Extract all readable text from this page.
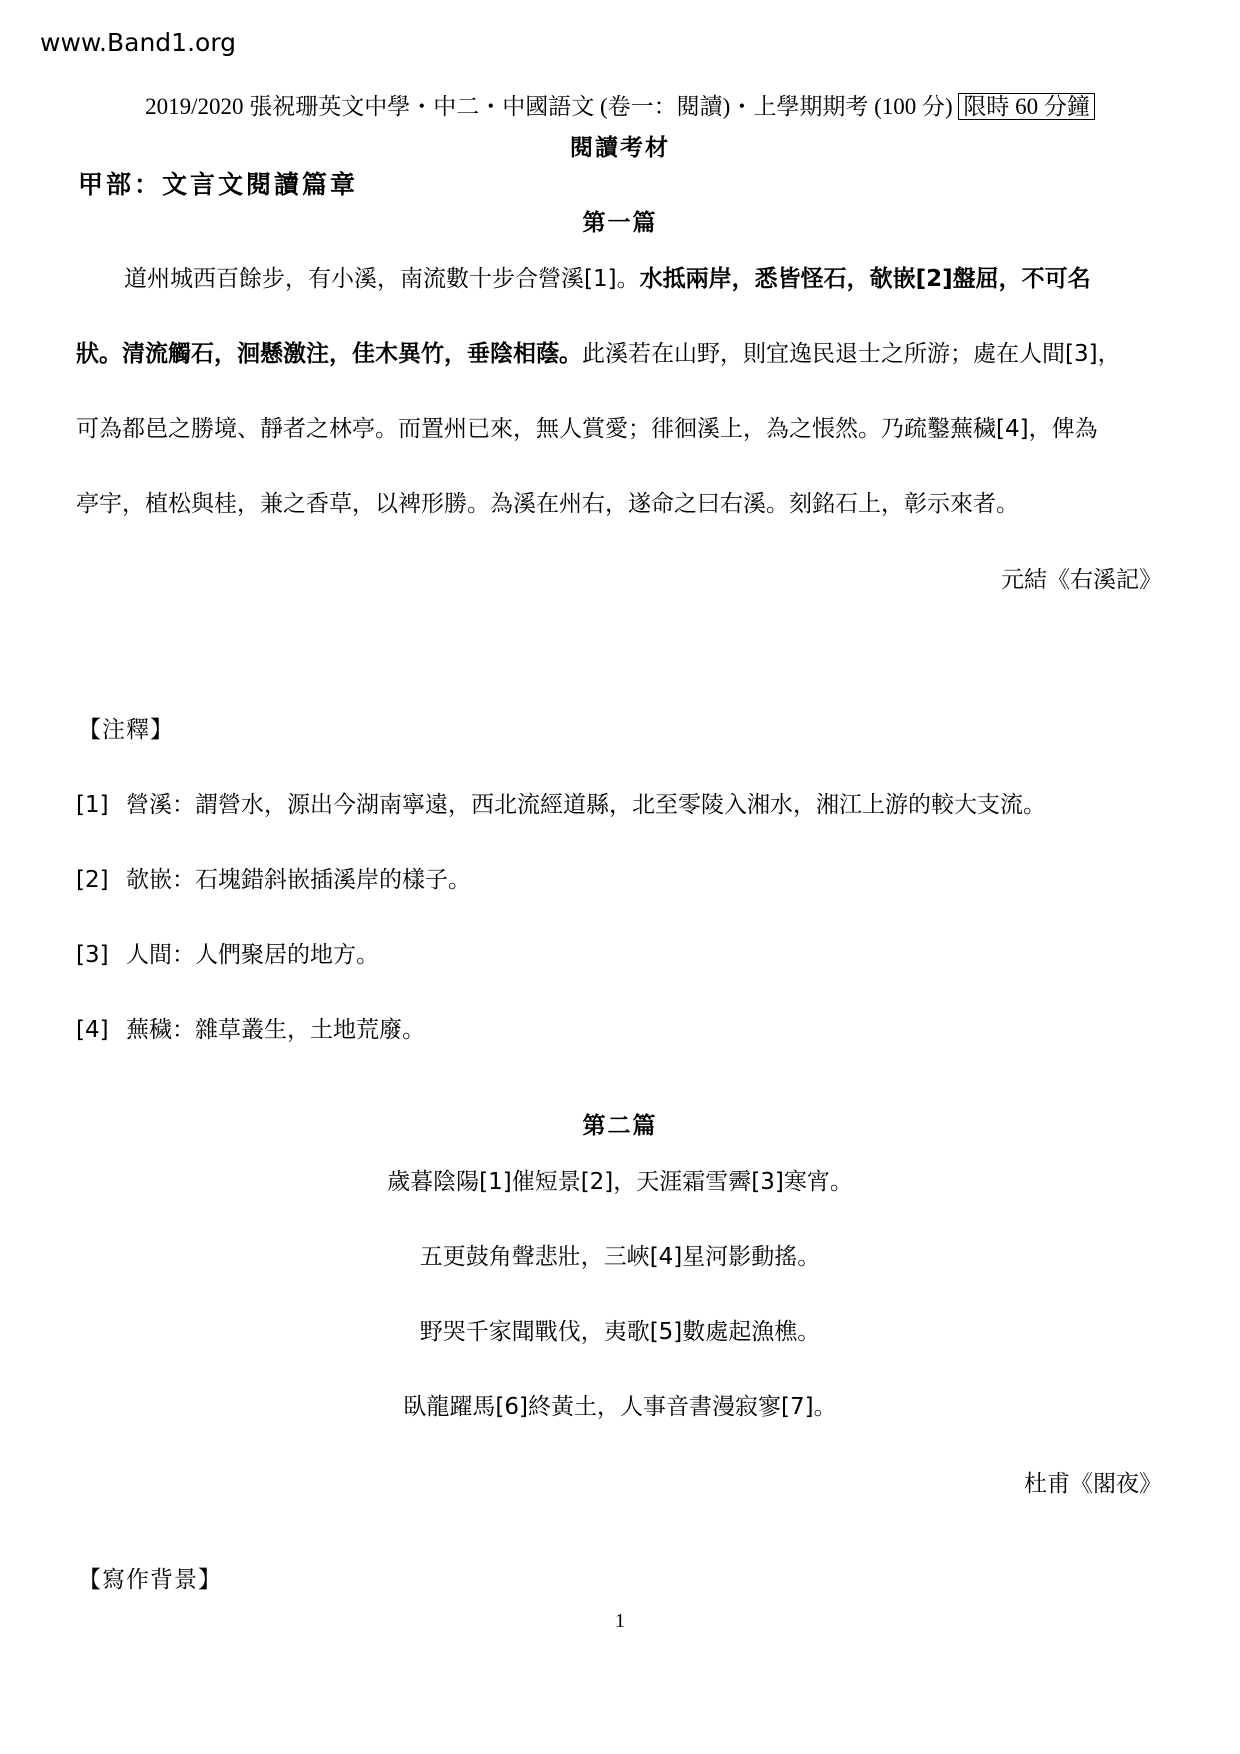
www.Band1.org
2019/2020 張祝珊英文中學・中二・中國語文 (卷一：閱讀)・上學期期考 (100 分) 限時 60 分鐘
閱讀考材
甲部：文言文閱讀篇章
第一篇
道州城西百餘步，有小溪，南流數十步合營溪[1]。水抵兩岸，悉皆怪石，欹嵌[2]盤屈，不可名
狀。清流觸石，洄懸激注，佳木異竹，垂陰相蔭。此溪若在山野，則宜逸民退士之所游；處在人間[3]，
可為都邑之勝境、靜者之林亭。而置州已來，無人賞愛；徘徊溪上，為之悵然。乃疏鑿蕪穢[4]，俾為
亭宇，植松與桂，兼之香草，以裨形勝。為溪在州右，遂命之曰右溪。刻銘石上，彰示來者。
元結《右溪記》
【注釋】
[1] 營溪：謂營水，源出今湖南寧遠，西北流經道縣，北至零陵入湘水，湘江上游的較大支流。
[2] 欹嵌：石塊錯斜嵌插溪岸的樣子。
[3] 人間：人們聚居的地方。
[4] 蕪穢：雜草叢生，土地荒廢。
第二篇
歲暮陰陽[1]催短景[2]，天涯霜雪霽[3]寒宵。
五更鼓角聲悲壯，三峽[4]星河影動搖。
野哭千家聞戰伐，夷歌[5]數處起漁樵。
臥龍躍馬[6]終黃土，人事音書漫寂寥[7]。
杜甫《閣夜》
【寫作背景】
1
